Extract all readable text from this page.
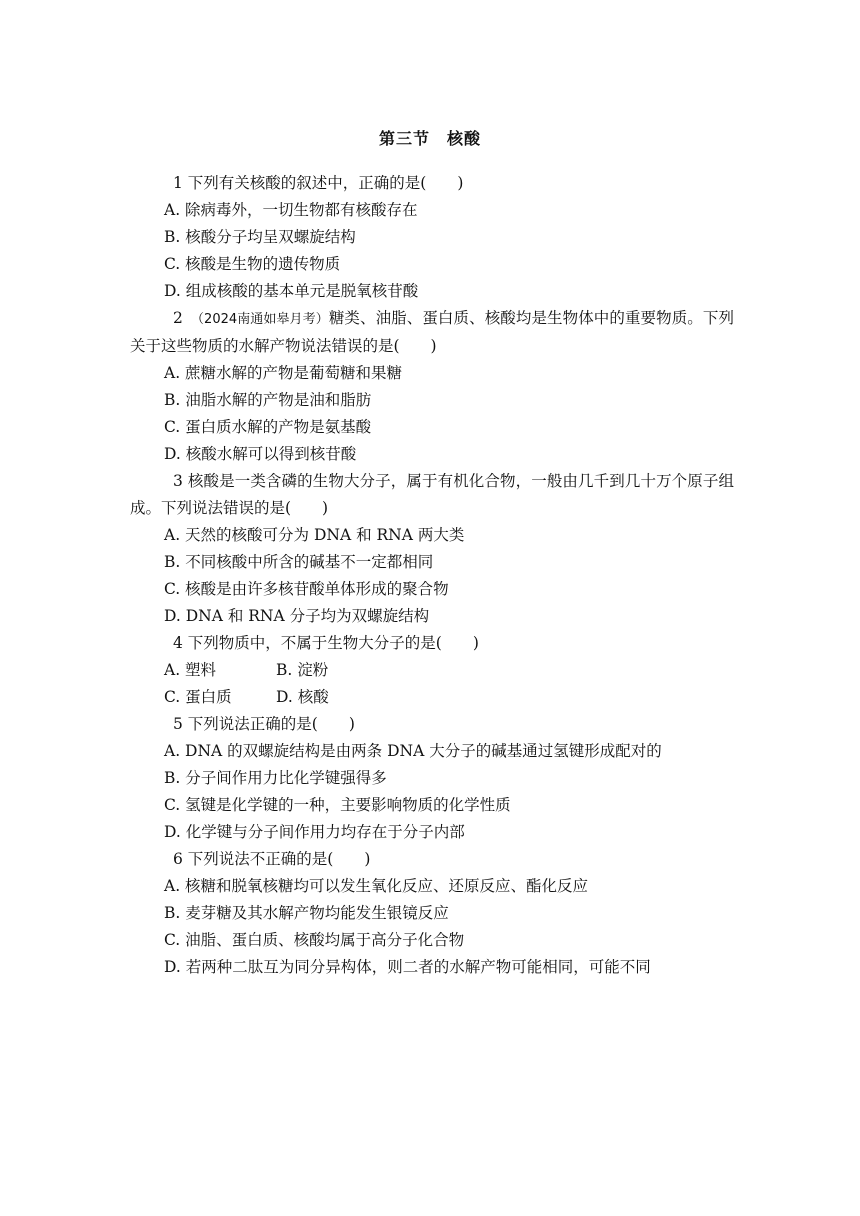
第三节　核酸

1 下列有关核酸的叙述中，正确的是(　　)

A. 除病毒外，一切生物都有核酸存在

B. 核酸分子均呈双螺旋结构

C. 核酸是生物的遗传物质

D. 组成核酸的基本单元是脱氧核苷酸

2 （2024南通如皋月考）糖类、油脂、蛋白质、核酸均是生物体中的重要物质。下列关于这些物质的水解产物说法错误的是(　　)

A. 蔗糖水解的产物是葡萄糖和果糖

B. 油脂水解的产物是油和脂肪

C. 蛋白质水解的产物是氨基酸

D. 核酸水解可以得到核苷酸

3 核酸是一类含磷的生物大分子，属于有机化合物，一般由几千到几十万个原子组成。下列说法错误的是(　　)

A. 天然的核酸可分为 DNA 和 RNA 两大类

B. 不同核酸中所含的碱基不一定都相同

C. 核酸是由许多核苷酸单体形成的聚合物

D. DNA 和 RNA 分子均为双螺旋结构

4 下列物质中，不属于生物大分子的是(　　)

A. 塑料	B. 淀粉

C. 蛋白质	D. 核酸

5 下列说法正确的是(　　)

A. DNA 的双螺旋结构是由两条 DNA 大分子的碱基通过氢键形成配对的

B. 分子间作用力比化学键强得多

C. 氢键是化学键的一种，主要影响物质的化学性质

D. 化学键与分子间作用力均存在于分子内部

6 下列说法不正确的是(　　)

A. 核糖和脱氧核糖均可以发生氧化反应、还原反应、酯化反应

B. 麦芽糖及其水解产物均能发生银镜反应

C. 油脂、蛋白质、核酸均属于高分子化合物

D. 若两种二肽互为同分异构体，则二者的水解产物可能相同，可能不同
